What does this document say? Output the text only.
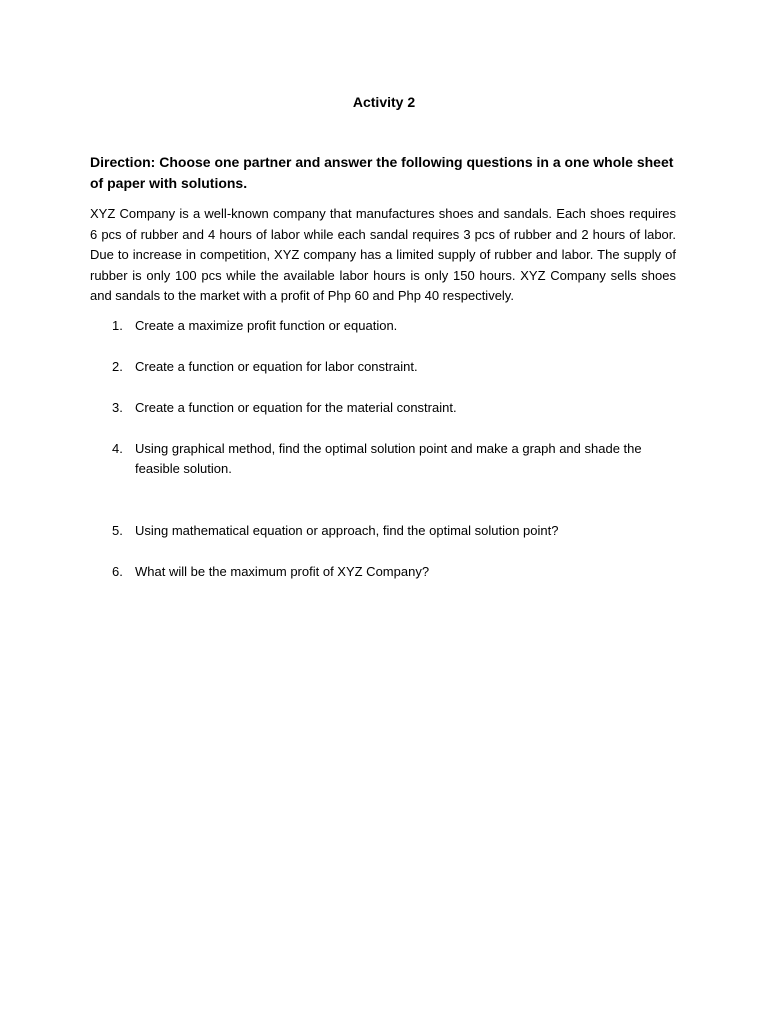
Activity 2
Direction: Choose one partner and answer the following questions in a one whole sheet of paper with solutions.
XYZ Company is a well-known company that manufactures shoes and sandals. Each shoes requires 6 pcs of rubber and 4 hours of labor while each sandal requires 3 pcs of rubber and 2 hours of labor. Due to increase in competition, XYZ company has a limited supply of rubber and labor. The supply of rubber is only 100 pcs while the available labor hours is only 150 hours. XYZ Company sells shoes and sandals to the market with a profit of Php 60 and Php 40 respectively.
1. Create a maximize profit function or equation.
2. Create a function or equation for labor constraint.
3. Create a function or equation for the material constraint.
4. Using graphical method, find the optimal solution point and make a graph and shade the feasible solution.
5. Using mathematical equation or approach, find the optimal solution point?
6. What will be the maximum profit of XYZ Company?
